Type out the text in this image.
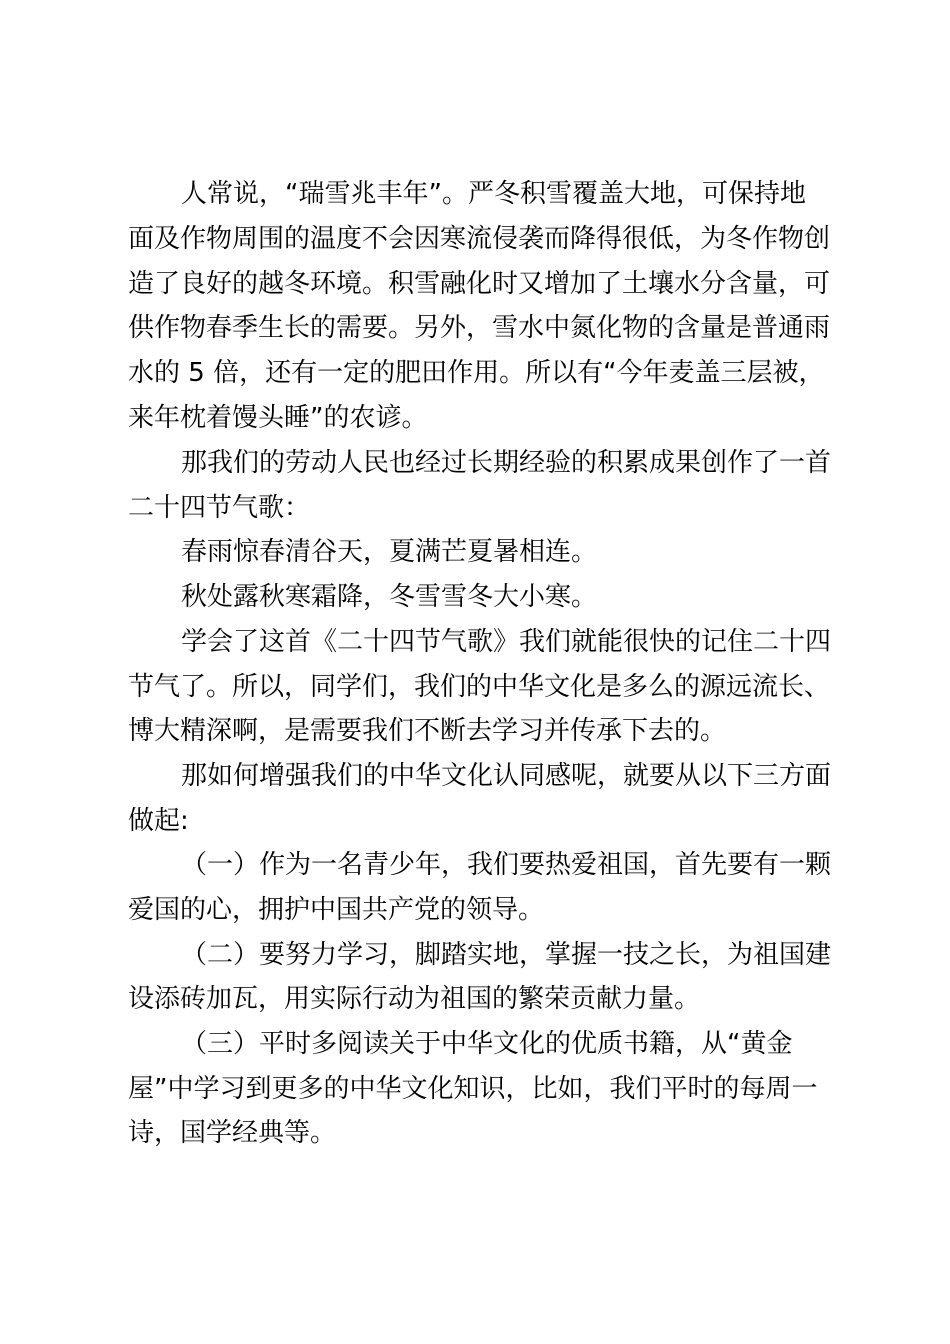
人常说，“瑞雪兆丰年”。严冬积雪覆盖大地，可保持地
面及作物周围的温度不会因寒流侵袭而降得很低，为冬作物创
造了良好的越冬环境。积雪融化时又增加了土壤水分含量，可
供作物春季生长的需要。另外，雪水中氮化物的含量是普通雨
水的 5 倍，还有一定的肥田作用。所以有“今年麦盖三层被，
来年枕着馒头睡”的农谚。
那我们的劳动人民也经过长期经验的积累成果创作了一首
二十四节气歌：
春雨惊春清谷天，夏满芒夏暑相连。
秋处露秋寒霜降，冬雪雪冬大小寒。
学会了这首《二十四节气歌》我们就能很快的记住二十四
节气了。所以，同学们，我们的中华文化是多么的源远流长、
博大精深啊，是需要我们不断去学习并传承下去的。
那如何增强我们的中华文化认同感呢，就要从以下三方面
做起:
（一）作为一名青少年，我们要热爱祖国，首先要有一颗
爱国的心，拥护中国共产党的领导。
（二）要努力学习，脚踏实地，掌握一技之长，为祖国建
设添砖加瓦，用实际行动为祖国的繁荣贡献力量。
（三）平时多阅读关于中华文化的优质书籍，从“黄金
屋”中学习到更多的中华文化知识，比如，我们平时的每周一
诗，国学经典等。
